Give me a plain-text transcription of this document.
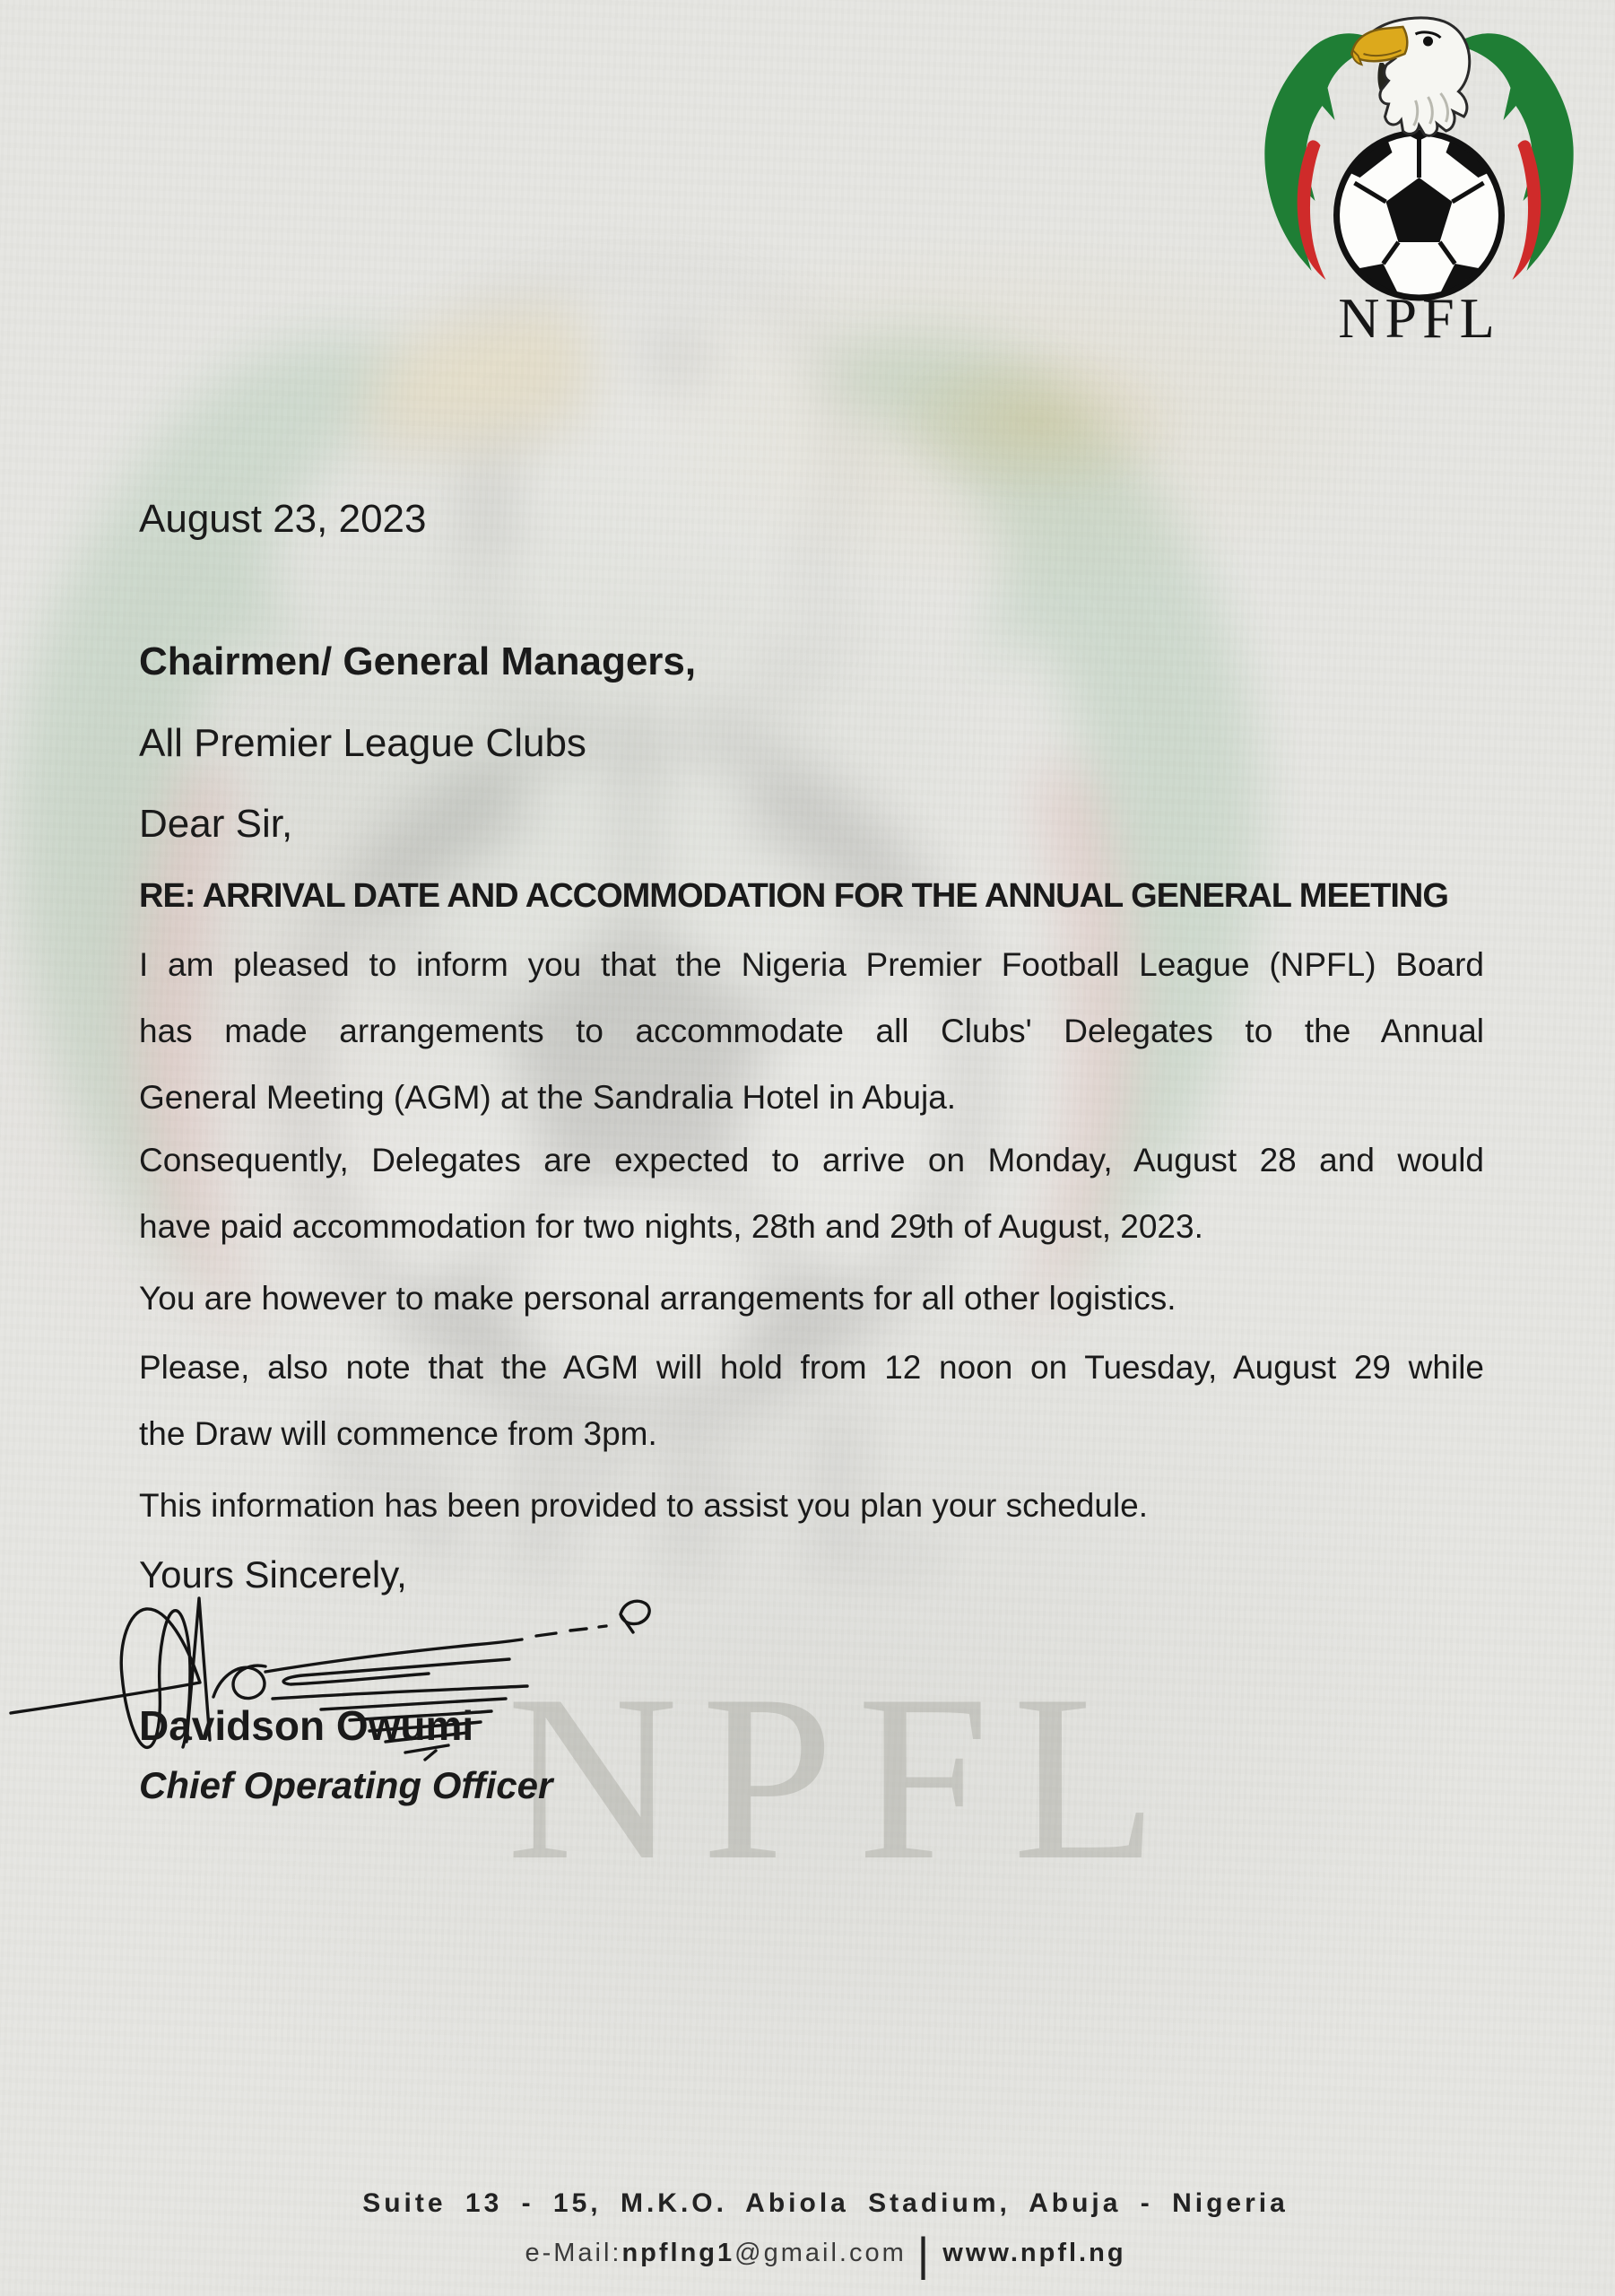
NPFL
August 23, 2023
Chairmen/ General Managers,
All Premier League Clubs
Dear Sir,
RE: ARRIVAL DATE AND ACCOMMODATION FOR THE ANNUAL GENERAL MEETING
I am pleased to inform you that the Nigeria Premier Football League (NPFL) Board
has made arrangements to accommodate all Clubs' Delegates to the Annual
General Meeting (AGM) at the Sandralia Hotel in Abuja.
Consequently, Delegates are expected to arrive on Monday, August 28 and would
have paid accommodation for two nights, 28th and 29th of August, 2023.
You are however to make personal arrangements for all other logistics.
Please, also note that the AGM will hold from 12 noon on Tuesday, August 29 while
the Draw will commence from 3pm.
This information has been provided to assist you plan your schedule.
Yours Sincerely,
Davidson Owumi
Chief Operating Officer
Suite 13 - 15, M.K.O. Abiola Stadium, Abuja - Nigeria
e-Mail:npflng1@gmail.com | www.npfl.ng
